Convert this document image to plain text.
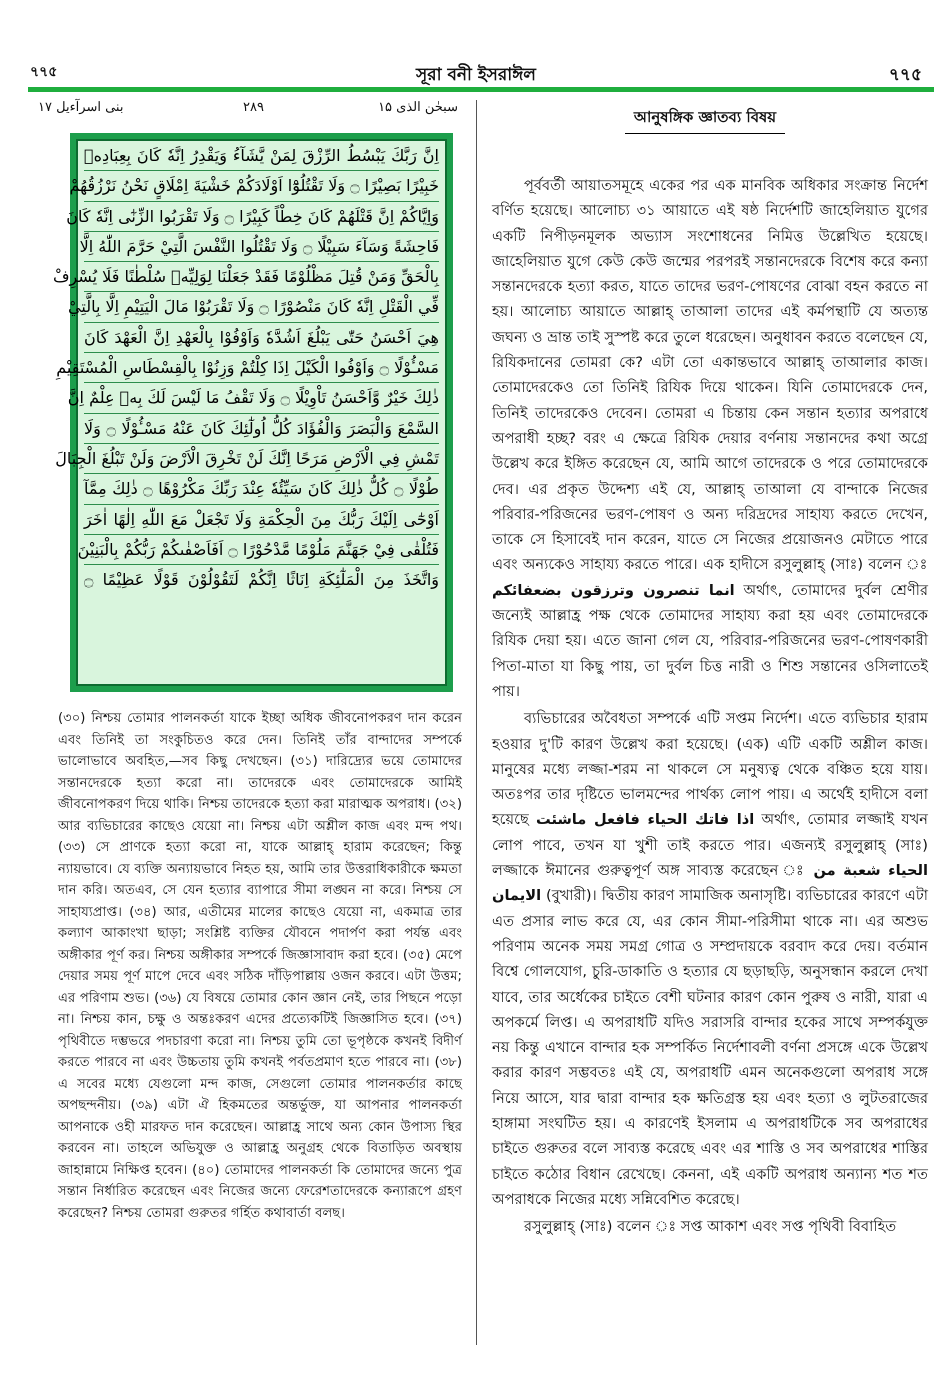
৭৭৫	সূরা বনী ইসরাঈল	৭৭৫
بنی اسرآءیل ۱۷	۲۸۹	سبحٰن الذی ۱۵
اِنَّ رَبَّكَ يَبْسُطُ الرِّزْقَ لِمَنْ يَّشَآءُ وَيَقْدِرُ اِنَّهٗ كَانَ بِعِبَادِهٖ
خَبِيْرًا بَصِيْرًا ۝ وَلَا تَقْتُلُوْٓا اَوْلَادَكُمْ خَشْيَةَ اِمْلَاقٍ نَحْنُ نَرْزُقُهُمْ
وَاِيَّاكُمْ اِنَّ قَتْلَهُمْ كَانَ خِطْاً كَبِيْرًا ۝ وَلَا تَقْرَبُوا الزِّنٰٓى اِنَّهٗ كَانَ
فَاحِشَةً وَسَآءَ سَبِيْلًا ۝ وَلَا تَقْتُلُوا النَّفْسَ الَّتِيْ حَرَّمَ اللّٰهُ اِلَّا
بِالْحَقِّ وَمَنْ قُتِلَ مَظْلُوْمًا فَقَدْ جَعَلْنَا لِوَلِيِّهٖ سُلْطٰنًا فَلَا يُسْرِفْ
فِّي الْقَتْلِ اِنَّهٗ كَانَ مَنْصُوْرًا ۝ وَلَا تَقْرَبُوْا مَالَ الْيَتِيْمِ اِلَّا بِالَّتِيْ
هِيَ اَحْسَنُ حَتّٰى يَبْلُغَ اَشُدَّهٗ وَاَوْفُوْا بِالْعَهْدِ اِنَّ الْعَهْدَ كَانَ
مَسْـُٔوْلًا ۝ وَاَوْفُوا الْكَيْلَ اِذَا كِلْتُمْ وَزِنُوْا بِالْقِسْطَاسِ الْمُسْتَقِيْمِ
ذٰلِكَ خَيْرٌ وَّاَحْسَنُ تَاْوِيْلًا ۝ وَلَا تَقْفُ مَا لَيْسَ لَكَ بِهٖ عِلْمٌ اِنَّ
السَّمْعَ وَالْبَصَرَ وَالْفُؤَادَ كُلُّ اُولٰٓئِكَ كَانَ عَنْهُ مَسْـُٔوْلًا ۝ وَلَا
تَمْشِ فِي الْاَرْضِ مَرَحًا اِنَّكَ لَنْ تَخْرِقَ الْاَرْضَ وَلَنْ تَبْلُغَ الْجِبَالَ
طُوْلًا ۝ كُلُّ ذٰلِكَ كَانَ سَيِّئُهٗ عِنْدَ رَبِّكَ مَكْرُوْهًا ۝ ذٰلِكَ مِمَّآ
اَوْحٰٓى اِلَيْكَ رَبُّكَ مِنَ الْحِكْمَةِ وَلَا تَجْعَلْ مَعَ اللّٰهِ اِلٰهًا اٰخَرَ
فَتُلْقٰى فِيْ جَهَنَّمَ مَلُوْمًا مَّدْحُوْرًا ۝ اَفَاَصْفٰىكُمْ رَبُّكُمْ بِالْبَنِيْنَ
وَاتَّخَذَ مِنَ الْمَلٰٓئِكَةِ اِنَاثًا اِنَّكُمْ لَتَقُوْلُوْنَ قَوْلًا عَظِيْمًا ۝
(৩০) নিশ্চয় তোমার পালনকর্তা যাকে ইচ্ছা অধিক জীবনোপকরণ দান করেন এবং তিনিই তা সংকুচিতও করে দেন। তিনিই তাঁর বান্দাদের সম্পর্কে ভালোভাবে অবহিত,—সব কিছু দেখছেন। (৩১) দারিদ্র্যের ভয়ে তোমাদের সন্তানদেরকে হত্যা করো না। তাদেরকে এবং তোমাদেরকে আমিই জীবনোপকরণ দিয়ে থাকি। নিশ্চয় তাদেরকে হত্যা করা মারাত্মক অপরাধ। (৩২) আর ব্যভিচারের কাছেও যেয়ো না। নিশ্চয় এটা অশ্লীল কাজ এবং মন্দ পথ। (৩৩) সে প্রাণকে হত্যা করো না, যাকে আল্লাহ্ হারাম করেছেন; কিন্তু ন্যায়ভাবে। যে ব্যক্তি অন্যায়ভাবে নিহত হয়, আমি তার উত্তরাধিকারীকে ক্ষমতা দান করি। অতএব, সে যেন হত্যার ব্যাপারে সীমা লঙ্ঘন না করে। নিশ্চয় সে সাহায্যপ্রাপ্ত। (৩৪) আর, এতীমের মালের কাছেও যেয়ো না, একমাত্র তার কল্যাণ আকাংখা ছাড়া; সংশ্লিষ্ট ব্যক্তির যৌবনে পদার্পণ করা পর্যন্ত এবং অঙ্গীকার পূর্ণ কর। নিশ্চয় অঙ্গীকার সম্পর্কে জিজ্ঞাসাবাদ করা হবে। (৩৫) মেপে দেয়ার সময় পূর্ণ মাপে দেবে এবং সঠিক দাঁড়িপাল্লায় ওজন করবে। এটা উত্তম; এর পরিণাম শুভ। (৩৬) যে বিষয়ে তোমার কোন জ্ঞান নেই, তার পিছনে পড়ো না। নিশ্চয় কান, চক্ষু ও অন্তঃকরণ এদের প্রত্যেকটিই জিজ্ঞাসিত হবে। (৩৭) পৃথিবীতে দম্ভভরে পদচারণা করো না। নিশ্চয় তুমি তো ভূপৃষ্ঠকে কখনই বিদীর্ণ করতে পারবে না এবং উচ্চতায় তুমি কখনই পর্বতপ্রমাণ হতে পারবে না। (৩৮) এ সবের মধ্যে যেগুলো মন্দ কাজ, সেগুলো তোমার পালনকর্তার কাছে অপছন্দনীয়। (৩৯) এটা ঐ হিকমতের অন্তর্ভুক্ত, যা আপনার পালনকর্তা আপনাকে ওহী মারফত দান করেছেন। আল্লাহ্র সাথে অন্য কোন উপাস্য স্থির করবেন না। তাহলে অভিযুক্ত ও আল্লাহ্র অনুগ্রহ থেকে বিতাড়িত অবস্থায় জাহান্নামে নিক্ষিপ্ত হবেন। (৪০) তোমাদের পালনকর্তা কি তোমাদের জন্যে পুত্র সন্তান নির্ধারিত করেছেন এবং নিজের জন্যে ফেরেশতাদেরকে কন্যারূপে গ্রহণ করেছেন? নিশ্চয় তোমরা গুরুতর গর্হিত কথাবার্তা বলছ।
আনুষঙ্গিক জ্ঞাতব্য বিষয়

পূর্ববর্তী আয়াতসমূহে একের পর এক মানবিক অধিকার সংক্রান্ত নির্দেশ বর্ণিত হয়েছে। আলোচ্য ৩১ আয়াতে এই ষষ্ঠ নির্দেশটি জাহেলিয়াত যুগের একটি নিপীড়নমূলক অভ্যাস সংশোধনের নিমিত্ত উল্লেখিত হয়েছে। জাহেলিয়াত যুগে কেউ কেউ জন্মের পরপরই সন্তানদেরকে বিশেষ করে কন্যা সন্তানদেরকে হত্যা করত, যাতে তাদের ভরণ-পোষণের বোঝা বহন করতে না হয়। আলোচ্য আয়াতে আল্লাহ্ তাআলা তাদের এই কর্মপন্থাটি যে অত্যন্ত জঘন্য ও ভ্রান্ত তাই সুস্পষ্ট করে তুলে ধরেছেন। অনুধাবন করতে বলেছেন যে, রিযিকদানের তোমরা কে? এটা তো একান্তভাবে আল্লাহ্ তাআলার কাজ। তোমাদেরকেও তো তিনিই রিযিক দিয়ে থাকেন। যিনি তোমাদেরকে দেন, তিনিই তাদেরকেও দেবেন। তোমরা এ চিন্তায় কেন সন্তান হত্যার অপরাধে অপরাধী হচ্ছ? বরং এ ক্ষেত্রে রিযিক দেয়ার বর্ণনায় সন্তানদের কথা অগ্রে উল্লেখ করে ইঙ্গিত করেছেন যে, আমি আগে তাদেরকে ও পরে তোমাদেরকে দেব। এর প্রকৃত উদ্দেশ্য এই যে, আল্লাহ্ তাআলা যে বান্দাকে নিজের পরিবার-পরিজনের ভরণ-পোষণ ও অন্য দরিদ্রদের সাহায্য করতে দেখেন, তাকে সে হিসাবেই দান করেন, যাতে সে নিজের প্রয়োজনও মেটাতে পারে এবং অন্যকেও সাহায্য করতে পারে। এক হাদীসে রসুলুল্লাহ্ (সাঃ) বলেন ঃ انما تنصرون وترزقون بضعفائكم অর্থাৎ, তোমাদের দুর্বল শ্রেণীর জন্যেই আল্লাহ্র পক্ষ থেকে তোমাদের সাহায্য করা হয় এবং তোমাদেরকে রিযিক দেয়া হয়। এতে জানা গেল যে, পরিবার-পরিজনের ভরণ-পোষণকারী পিতা-মাতা যা কিছু পায়, তা দুর্বল চিত্ত নারী ও শিশু সন্তানের ওসিলাতেই পায়।

ব্যভিচারের অবৈধতা সম্পর্কে এটি সপ্তম নির্দেশ। এতে ব্যভিচার হারাম হওয়ার দু'টি কারণ উল্লেখ করা হয়েছে। (এক) এটি একটি অশ্লীল কাজ। মানুষের মধ্যে লজ্জা-শরম না থাকলে সে মনুষ্যত্ব থেকে বঞ্চিত হয়ে যায়। অতঃপর তার দৃষ্টিতে ভালমন্দের পার্থক্য লোপ পায়। এ অর্থেই হাদীসে বলা হয়েছে اذا فاتك الحياء فافعل ماشئت অর্থাৎ, তোমার লজ্জাই যখন লোপ পাবে, তখন যা খুশী তাই করতে পার। এজন্যই রসুলুল্লাহ্ (সাঃ) লজ্জাকে ঈমানের গুরুত্বপূর্ণ অঙ্গ সাব্যস্ত করেছেন ঃ الحياء شعبة من الايمان (বুখারী)। দ্বিতীয় কারণ সামাজিক অনাসৃষ্টি। ব্যভিচারের কারণে এটা এত প্রসার লাভ করে যে, এর কোন সীমা-পরিসীমা থাকে না। এর অশুভ পরিণাম অনেক সময় সমগ্র গোত্র ও সম্প্রদায়কে বরবাদ করে দেয়। বর্তমান বিশ্বে গোলযোগ, চুরি-ডাকাতি ও হত্যার যে ছড়াছড়ি, অনুসন্ধান করলে দেখা যাবে, তার অর্ধেকের চাইতে বেশী ঘটনার কারণ কোন পুরুষ ও নারী, যারা এ অপকর্মে লিপ্ত। এ অপরাধটি যদিও সরাসরি বান্দার হকের সাথে সম্পর্কযুক্ত নয় কিন্তু এখানে বান্দার হক সম্পর্কিত নির্দেশাবলী বর্ণনা প্রসঙ্গে একে উল্লেখ করার কারণ সম্ভবতঃ এই যে, অপরাধটি এমন অনেকগুলো অপরাধ সঙ্গে নিয়ে আসে, যার দ্বারা বান্দার হক ক্ষতিগ্রস্ত হয় এবং হত্যা ও লুটতরাজের হাঙ্গামা সংঘটিত হয়। এ কারণেই ইসলাম এ অপরাধটিকে সব অপরাধের চাইতে গুরুতর বলে সাব্যস্ত করেছে এবং এর শাস্তি ও সব অপরাধের শাস্তির চাইতে কঠোর বিধান রেখেছে। কেননা, এই একটি অপরাধ অন্যান্য শত শত অপরাধকে নিজের মধ্যে সন্নিবেশিত করেছে।

রসুলুল্লাহ্ (সাঃ) বলেন ঃ সপ্ত আকাশ এবং সপ্ত পৃথিবী বিবাহিত
